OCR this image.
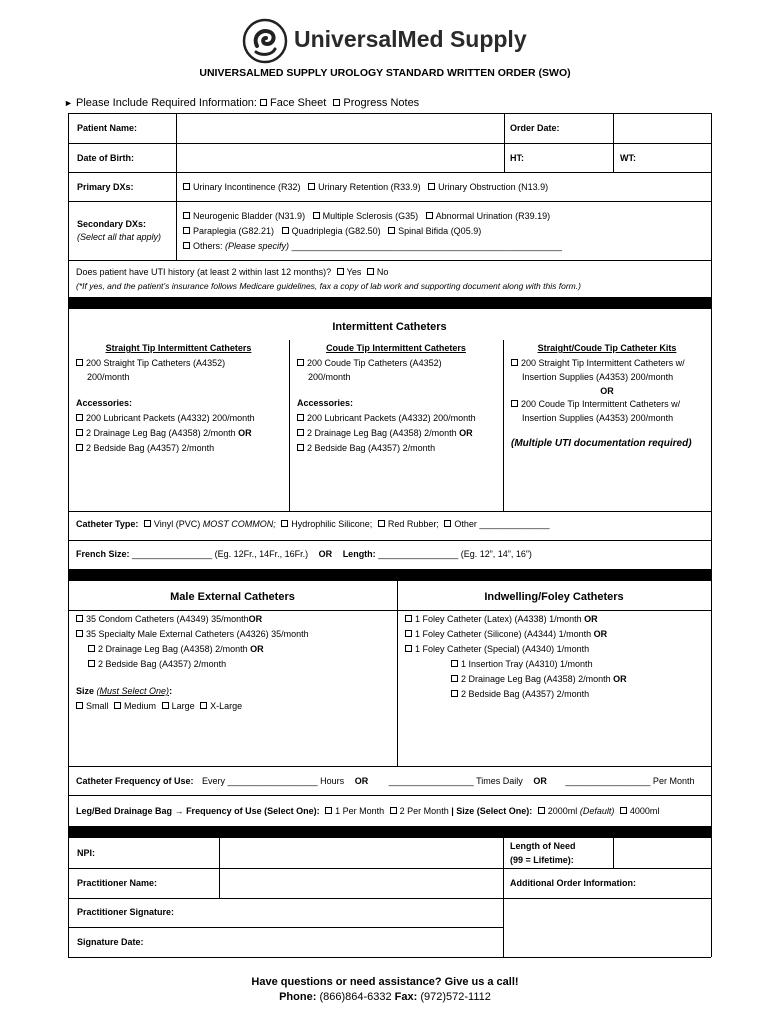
UniversalMed Supply
UNIVERSALMED SUPPLY UROLOGY STANDARD WRITTEN ORDER (SWO)
► Please Include Required Information: Face Sheet Progress Notes
Patient Name:	Order Date:
Date of Birth:	HT:	WT:
Primary DXs:	Urinary Incontinence (R32) Urinary Retention (R33.9) Urinary Obstruction (N13.9)
Secondary DXs:
(Select all that apply)
Neurogenic Bladder (N31.9) Multiple Sclerosis (G35) Abnormal Urination (R39.19)
Paraplegia (G82.21) Quadriplegia (G82.50) Spinal Bifida (Q05.9)
Others: (Please specify) ______________________________________________________
Does patient have UTI history (at least 2 within last 12 months)? Yes No
(*If yes, and the patient’s insurance follows Medicare guidelines, fax a copy of lab work and supporting document along with this form.)
Intermittent Catheters
Straight Tip Intermittent Catheters
200 Straight Tip Catheters (A4352)
200/month
Accessories:
200 Lubricant Packets (A4332) 200/month
2 Drainage Leg Bag (A4358) 2/month OR
2 Bedside Bag (A4357) 2/month
Coude Tip Intermittent Catheters
200 Coude Tip Catheters (A4352)
200/month
Accessories:
200 Lubricant Packets (A4332) 200/month
2 Drainage Leg Bag (A4358) 2/month OR
2 Bedside Bag (A4357) 2/month
Straight/Coude Tip Catheter Kits
200 Straight Tip Intermittent Catheters w/
Insertion Supplies (A4353) 200/month
OR
200 Coude Tip Intermittent Catheters w/
Insertion Supplies (A4353) 200/month
(Multiple UTI documentation required)
Catheter Type: Vinyl (PVC) MOST COMMON; Hydrophilic Silicone; Red Rubber; Other ______________
French Size: ________________ (Eg. 12Fr., 14Fr., 16Fr.) OR Length: ________________ (Eg. 12”, 14”, 16”)
Male External Catheters	Indwelling/Foley Catheters
35 Condom Catheters (A4349) 35/monthOR
35 Specialty Male External Catheters (A4326) 35/month
2 Drainage Leg Bag (A4358) 2/month OR
2 Bedside Bag (A4357) 2/month
Size (Must Select One):
Small Medium Large X-Large
1 Foley Catheter (Latex) (A4338) 1/month OR
1 Foley Catheter (Silicone) (A4344) 1/month OR
1 Foley Catheter (Special) (A4340) 1/month
1 Insertion Tray (A4310) 1/month
2 Drainage Leg Bag (A4358) 2/month OR
2 Bedside Bag (A4357) 2/month
Catheter Frequency of Use: Every __________________ Hours OR _________________ Times Daily OR _________________ Per Month
Leg/Bed Drainage Bag → Frequency of Use (Select One): 1 Per Month 2 Per Month | Size (Select One): 2000ml (Default) 4000ml
NPI:
Length of Need
(99 = Lifetime):
Practitioner Name:	Additional Order Information:
Practitioner Signature:
Signature Date:
Have questions or need assistance? Give us a call!
Phone: (866)864-6332 Fax: (972)572-1112
